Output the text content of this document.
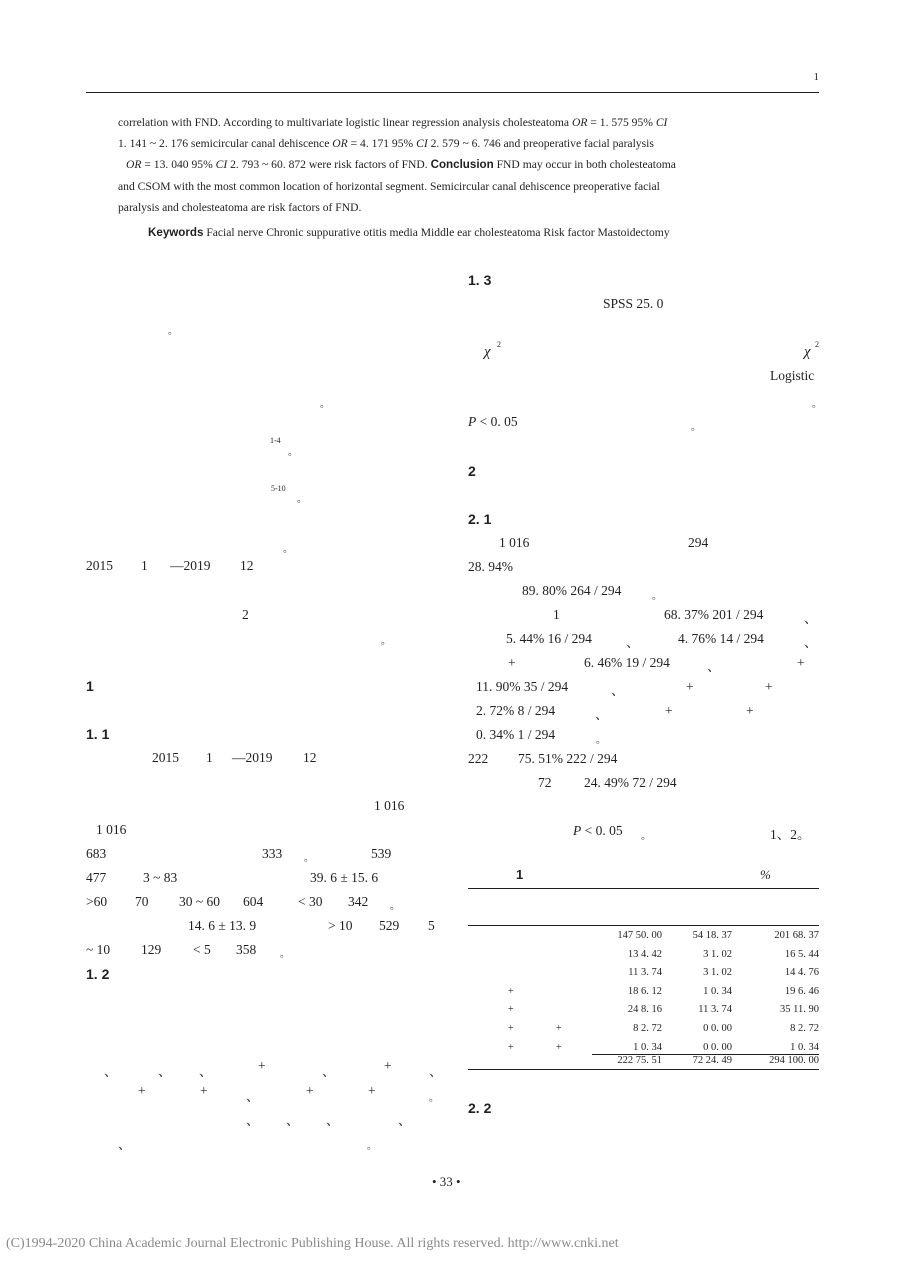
1
correlation with FND. According to multivariate logistic linear regression analysis cholesteatoma OR = 1. 575 95% CI
1. 141 ~ 2. 176 semicircular canal dehiscence OR = 4. 171 95% CI 2. 579 ~ 6. 746 and preoperative facial paralysis
OR = 13. 040 95% CI 2. 793 ~ 60. 872 were risk factors of FND. Conclusion FND may occur in both cholesteatoma
and CSOM with the most common location of horizontal segment. Semicircular canal dehiscence preoperative facial
paralysis and cholesteatoma are risk factors of FND.
Keywords Facial nerve Chronic suppurative otitis media Middle ear cholesteatoma Risk factor Mastoidectomy
。
。
1-4
。
5-10
。
。
2015 1 —2019 12
2
。
1
1. 1
2015 1 —2019 12
1 016
1 016
683	333 。	539
477	3 ~ 83	39. 6 ± 15. 6
>60 70 30 ~ 60 604	< 30 342 。
14. 6 ± 13. 9	> 10 529 5
~ 10 129 < 5 358 。
1. 2
、	、 、	+	、	+	、
+	+	、	+	+
。
、 、 、	、
、	。
1. 3
SPSS 25. 0
χ 2	χ 2
Logistic
。
P < 0. 05	。
2
2. 1
1 016	294
28. 94%
89. 80% 264 / 294	。
1	68. 37% 201 / 294	、
5. 44% 16 / 294	、	4. 76% 14 / 294	、
+	6. 46% 19 / 294	、	+
11. 90% 35 / 294	、	+	+
2. 72% 8 / 294	、	+	+
0. 34% 1 / 294	。
222 75. 51% 222 / 294
72 24. 49% 72 / 294
P < 0. 05 。	1、2。
1	%
147 50. 00	54 18. 37	201 68. 37
13 4. 42	3 1. 02	16 5. 44
11 3. 74	3 1. 02	14 4. 76
+	18 6. 12	1 0. 34	19 6. 46
+	24 8. 16	11 3. 74	35 11. 90
+	+	8 2. 72	0 0. 00	8 2. 72
+	+	1 0. 34	0 0. 00	1 0. 34
222 75. 51	72 24. 49	294 100. 00
2. 2
• 33 •
(C)1994-2020 China Academic Journal Electronic Publishing House. All rights reserved. http://www.cnki.net
